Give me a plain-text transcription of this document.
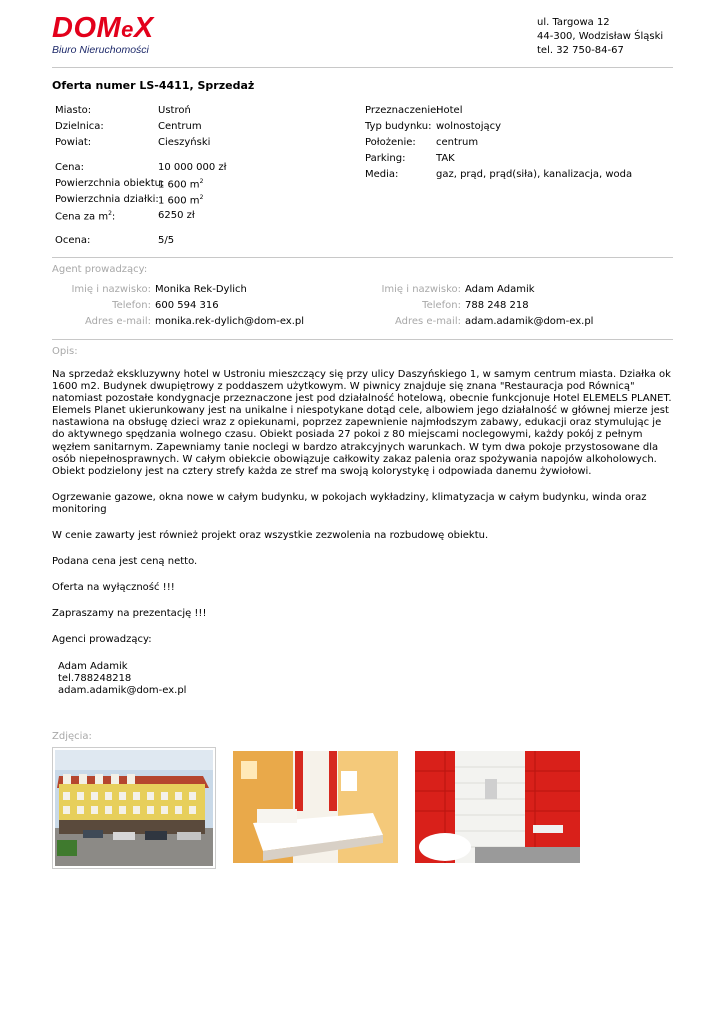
DOMeX
Biuro Nieruchomości
ul. Targowa 12
44-300, Wodzisław Śląski
tel. 32 750-84-67
Oferta numer LS-4411, Sprzedaż
Miasto:	Ustroń
Dzielnica:	Centrum
Powiat:	Cieszyński
Cena:	10 000 000 zł
Powierzchnia obiektu:
1 600 $m^2$
Powierzchnia działki: 1 600 $m^2$
Cena za $m^2$:	6250 zł
Ocena:	5/5
Przeznaczenie:
Hotel
Typ budynku: wolnostojący
Położenie: centrum
Parking:	TAK
Media:	gaz, prąd, prąd(siła), kanalizacja, woda
Agent prowadzący:
Imię i nazwisko: Monika Rek-Dylich
Telefon: 600 594 316
Adres e-mail: monika.rek-dylich@dom-ex.pl
Imię i nazwisko: Adam Adamik
Telefon: 788 248 218
Adres e-mail: adam.adamik@dom-ex.pl
Opis:

Na sprzedaż ekskluzywny hotel w Ustroniu mieszczący się przy ulicy Daszyńskiego 1, w samym centrum miasta. Działka ok 1600 m2. Budynek dwupiętrowy z poddaszem użytkowym. W piwnicy znajduje się znana "Restauracja pod Równicą" natomiast pozostałe kondygnacje przeznaczone jest pod działalność hotelową, obecnie funkcjonuje Hotel ELEMELS PLANET. Elemels Planet ukierunkowany jest na unikalne i niespotykane dotąd cele, albowiem jego działalność w głównej mierze jest nastawiona na obsługę dzieci wraz z opiekunami, poprzez zapewnienie najmłodszym zabawy, edukacji oraz stymulując je do aktywnego spędzania wolnego czasu. Obiekt posiada 27 pokoi z 80 miejscami noclegowymi, każdy pokój z pełnym węzłem sanitarnym. Zapewniamy tanie noclegi w bardzo atrakcyjnych warunkach. W tym dwa pokoje przystosowane dla osób niepełnosprawnych. W całym obiekcie obowiązuje całkowity zakaz palenia oraz spożywania napojów alkoholowych. Obiekt podzielony jest na cztery strefy każda ze stref ma swoją kolorystykę i odpowiada danemu żywiołowi.

Ogrzewanie gazowe, okna nowe w całym budynku, w pokojach wykładziny, klimatyzacja w całym budynku, winda oraz monitoring

W cenie zawarty jest również projekt oraz wszystkie zezwolenia na rozbudowę obiektu.

Podana cena jest ceną netto.

Oferta na wyłączność !!!

Zapraszamy na prezentację !!!

Agenci prowadzący:

Adam Adamik

tel.788248218

adam.adamik@dom-ex.pl

Zdjęcia:
